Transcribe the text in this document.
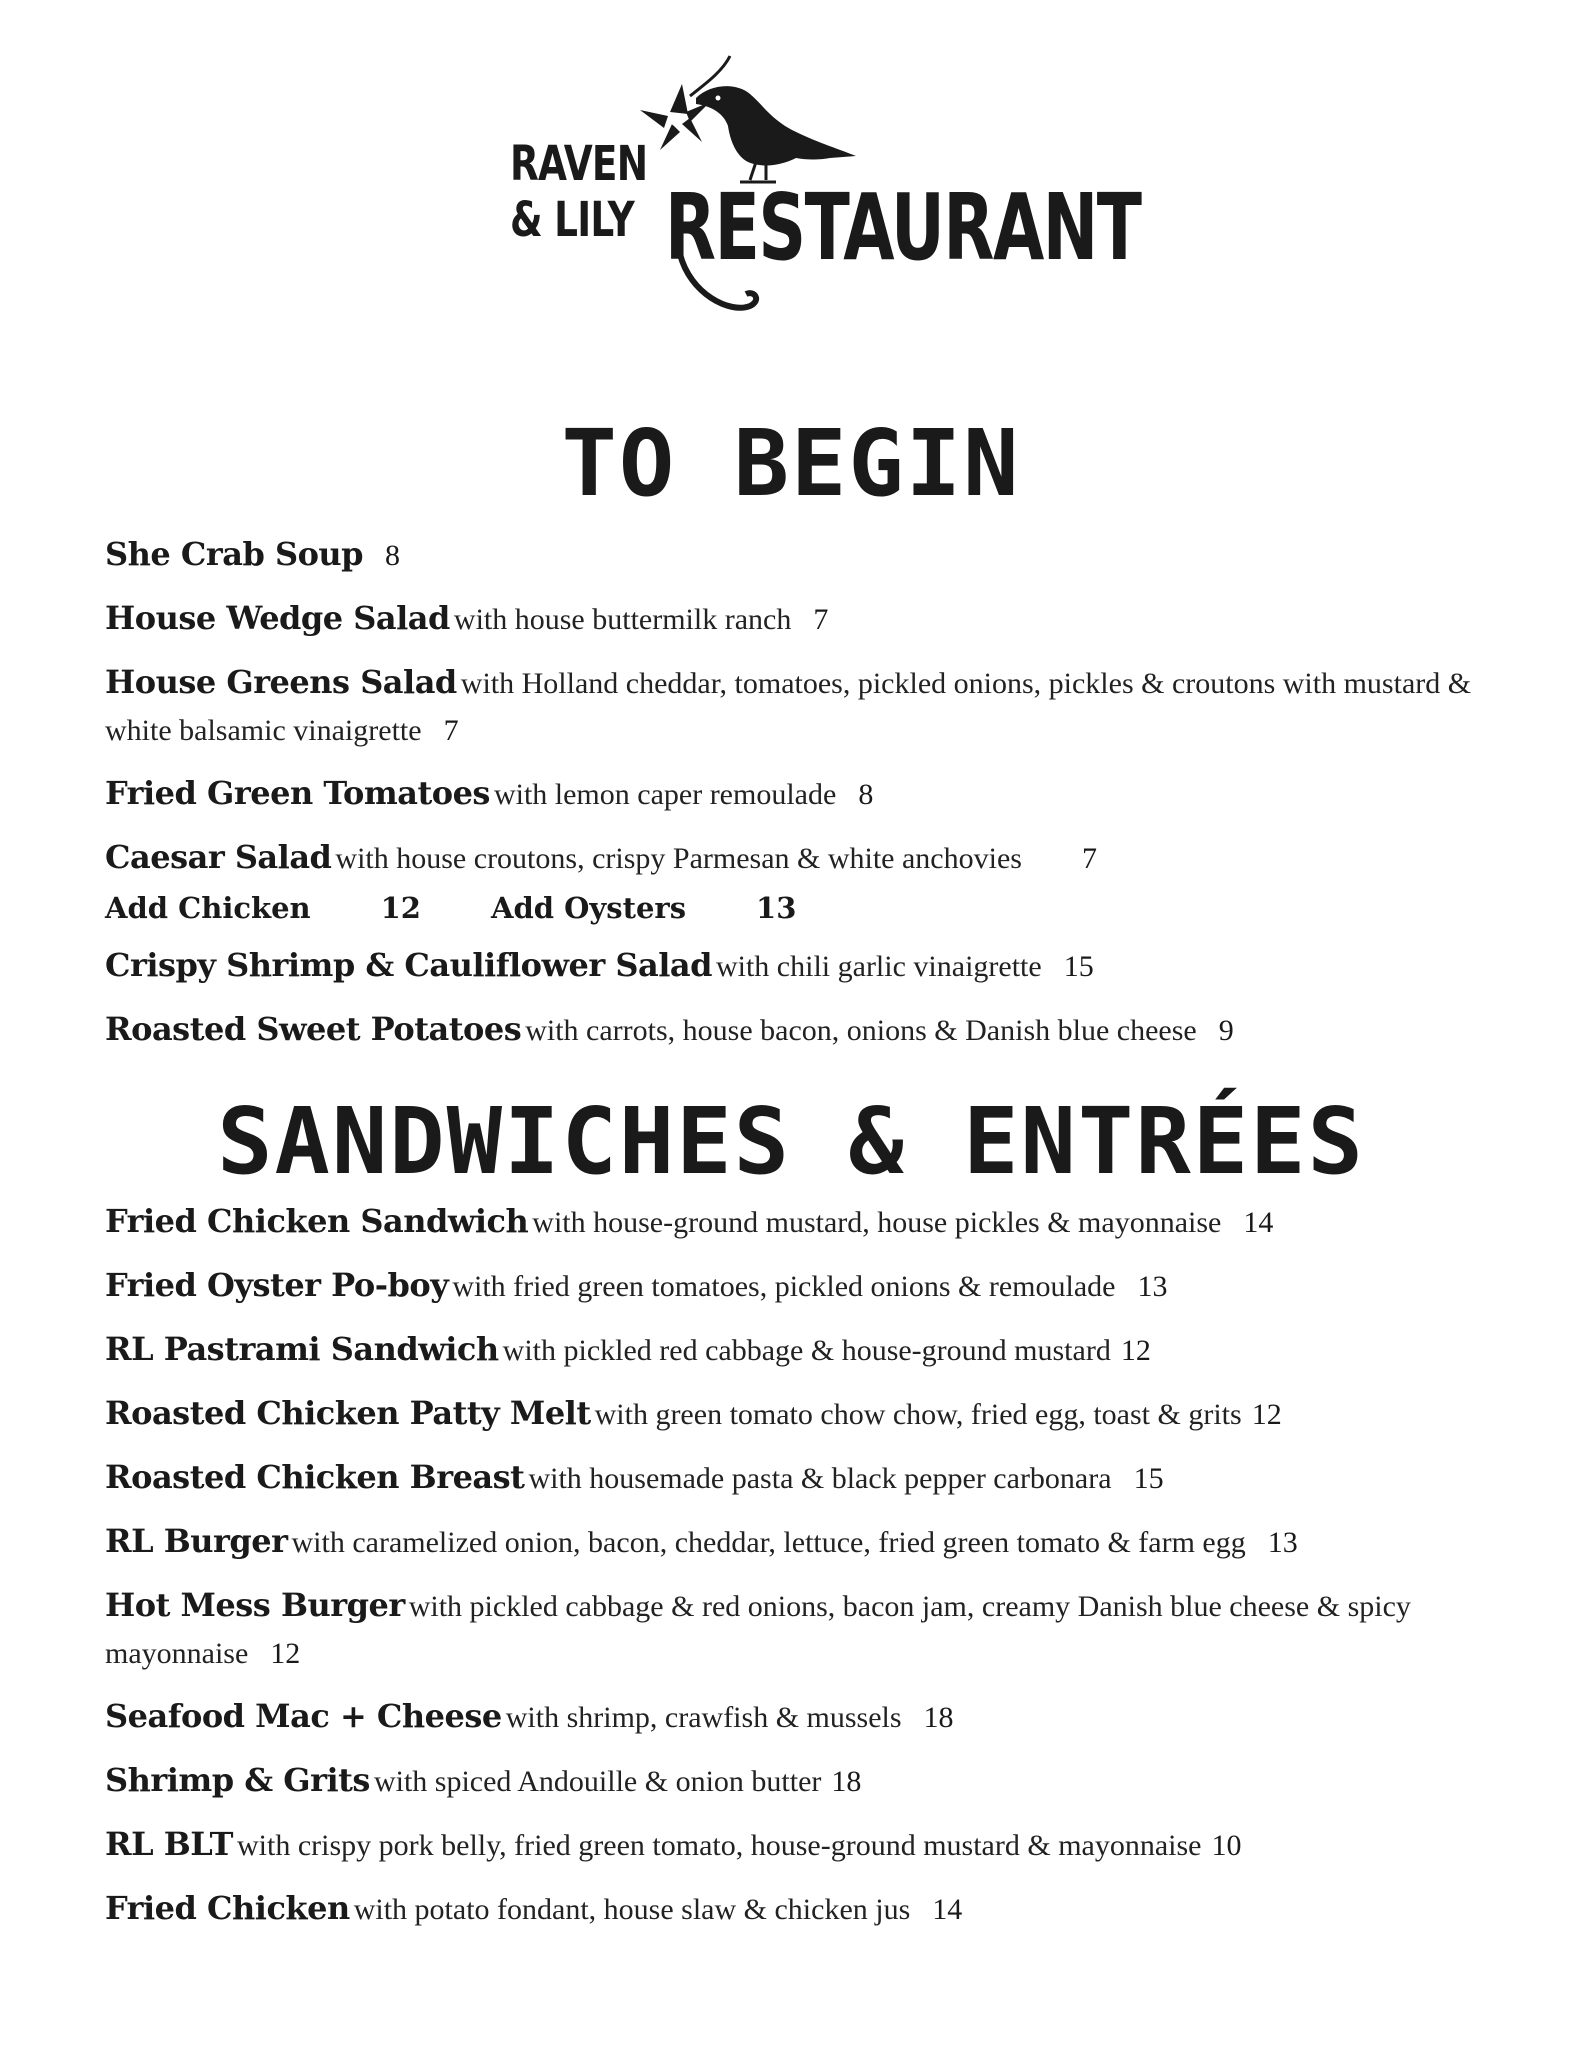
RAVEN
& LILY RESTAURANT
TO BEGIN
She Crab Soup 8
House Wedge Salad with house buttermilk ranch 7
House Greens Salad with Holland cheddar, tomatoes, pickled onions, pickles & croutons with mustard & white balsamic vinaigrette 7
Fried Green Tomatoes with lemon caper remoulade 8
Caesar Salad with house croutons, crispy Parmesan & white anchovies 7
Add Chicken 12 Add Oysters 13
Crispy Shrimp & Cauliflower Salad with chili garlic vinaigrette 15
Roasted Sweet Potatoes with carrots, house bacon, onions & Danish blue cheese 9
SANDWICHES & ENTRÉES
Fried Chicken Sandwich with house-ground mustard, house pickles & mayonnaise 14
Fried Oyster Po-boy with fried green tomatoes, pickled onions & remoulade 13
RL Pastrami Sandwich with pickled red cabbage & house-ground mustard 12
Roasted Chicken Patty Melt with green tomato chow chow, fried egg, toast & grits 12
Roasted Chicken Breast with housemade pasta & black pepper carbonara 15
RL Burger with caramelized onion, bacon, cheddar, lettuce, fried green tomato & farm egg 13
Hot Mess Burger with pickled cabbage & red onions, bacon jam, creamy Danish blue cheese & spicy mayonnaise 12
Seafood Mac + Cheese with shrimp, crawfish & mussels 18
Shrimp & Grits with spiced Andouille & onion butter 18
RL BLT with crispy pork belly, fried green tomato, house-ground mustard & mayonnaise 10
Fried Chicken with potato fondant, house slaw & chicken jus 14
